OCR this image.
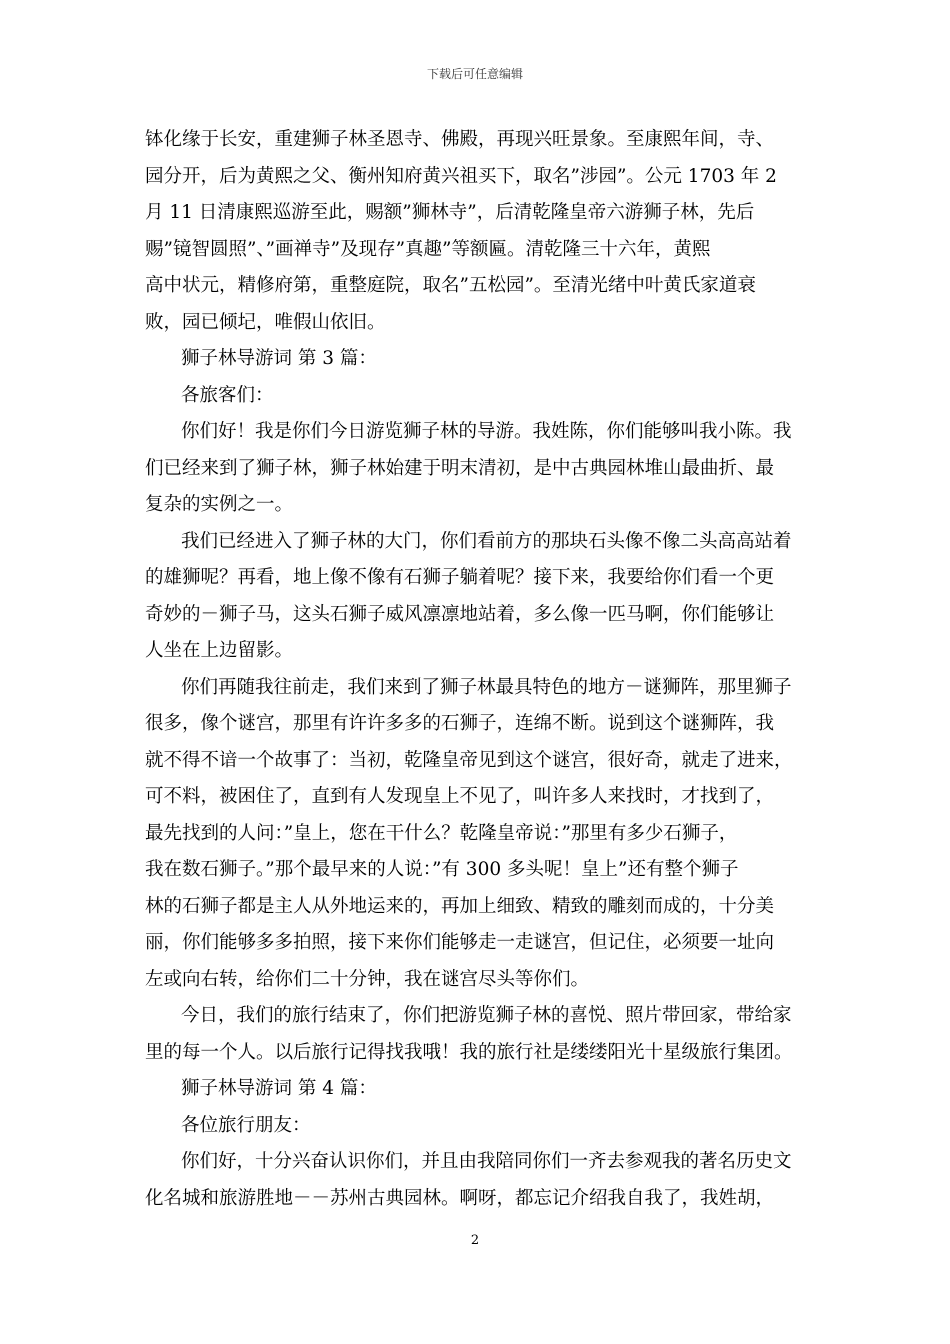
下载后可任意编辑
钵化缘于长安，重建狮子林圣恩寺、佛殿，再现兴旺景象。至康熙年间，寺、
园分开，后为黄熙之父、衡州知府黄兴祖买下，取名”涉园”。公元 1703 年 2
月 11 日清康熙巡游至此，赐额”狮林寺”，后清乾隆皇帝六游狮子林，先后
赐”镜智圆照”、”画禅寺”及现存”真趣”等额匾。清乾隆三十六年，黄熙
高中状元，精修府第，重整庭院，取名”五松园”。至清光绪中叶黄氏家道衰
败，园已倾圮，唯假山依旧。
狮子林导游词 第 3 篇：
各旅客们：
你们好！我是你们今日游览狮子林的导游。我姓陈，你们能够叫我小陈。我
们已经来到了狮子林，狮子林始建于明末清初，是中古典园林堆山最曲折、最
复杂的实例之一。
我们已经进入了狮子林的大门，你们看前方的那块石头像不像二头高高站着
的雄狮呢？再看，地上像不像有石狮子躺着呢？接下来，我要给你们看一个更
奇妙的－狮子马，这头石狮子威风凛凛地站着，多么像一匹马啊，你们能够让
人坐在上边留影。
你们再随我往前走，我们来到了狮子林最具特色的地方－谜狮阵，那里狮子
很多，像个谜宫，那里有许许多多的石狮子，连绵不断。说到这个谜狮阵，我
就不得不谙一个故事了：当初，乾隆皇帝见到这个谜宫，很好奇，就走了进来，
可不料，被困住了，直到有人发现皇上不见了，叫许多人来找时，才找到了，
最先找到的人问：”皇上，您在干什么？乾隆皇帝说：”那里有多少石狮子，
我在数石狮子。”那个最早来的人说：”有 300 多头呢！皇上”还有整个狮子
林的石狮子都是主人从外地运来的，再加上细致、精致的雕刻而成的，十分美
丽，你们能够多多拍照，接下来你们能够走一走谜宫，但记住，必须要一址向
左或向右转，给你们二十分钟，我在谜宫尽头等你们。
今日，我们的旅行结束了，你们把游览狮子林的喜悦、照片带回家，带给家
里的每一个人。以后旅行记得找我哦！我的旅行社是缕缕阳光十星级旅行集团。
狮子林导游词 第 4 篇：
各位旅行朋友：
你们好，十分兴奋认识你们，并且由我陪同你们一齐去参观我的著名历史文
化名城和旅游胜地－－苏州古典园林。啊呀，都忘记介绍我自我了，我姓胡，
2
